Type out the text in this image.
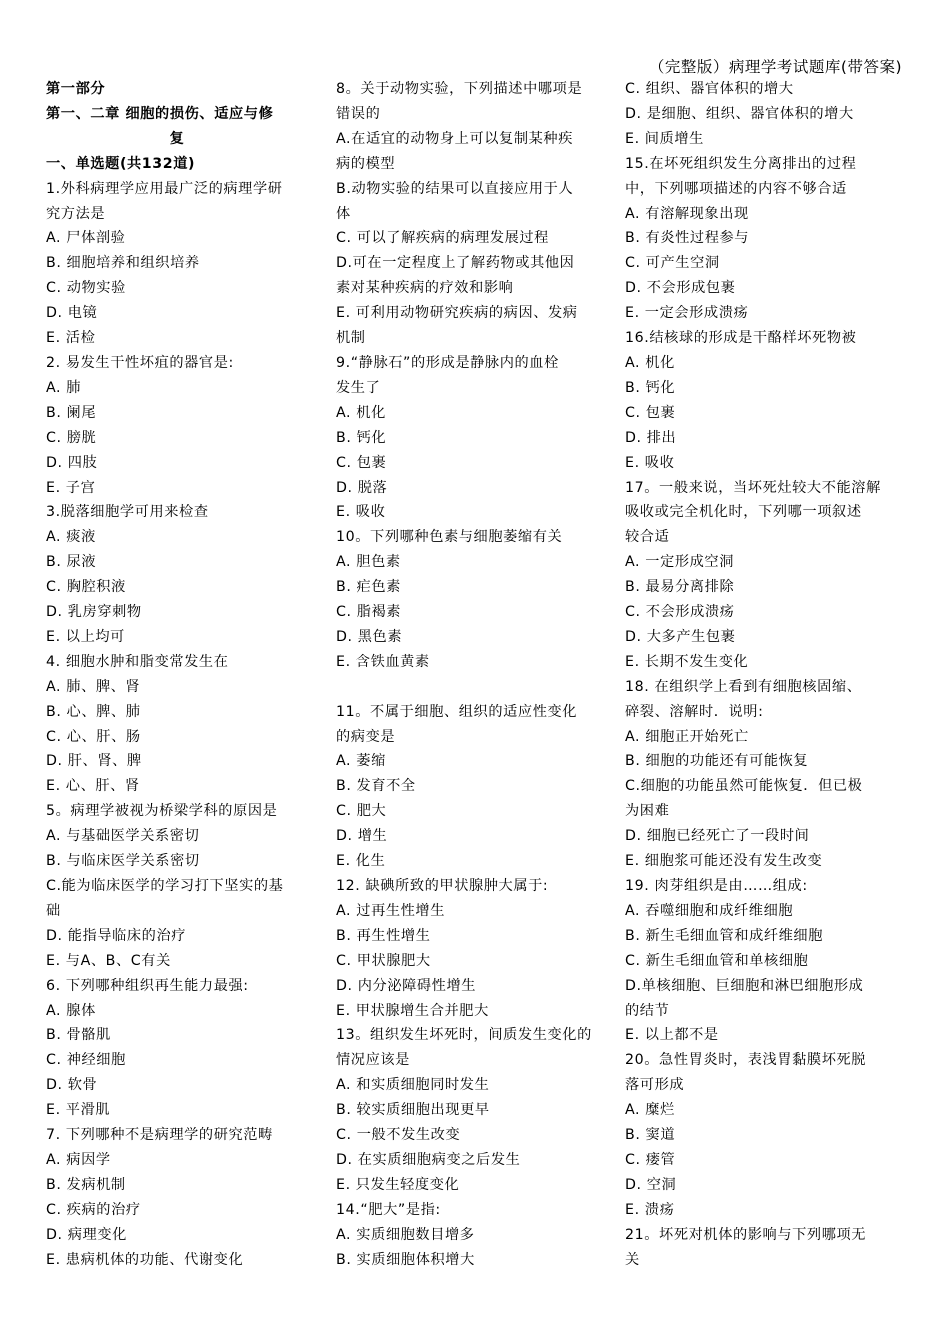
（完整版）病理学考试题库(带答案)
第一部分
第一、二章 细胞的损伤、适应与修
复
一、单选题(共132道)
1.外科病理学应用最广泛的病理学研
究方法是
A. 尸体剖验
B. 细胞培养和组织培养
C. 动物实验
D. 电镜
E. 活检
2. 易发生干性坏疽的器官是:
A. 肺
B. 阑尾
C. 膀胱
D. 四肢
E. 子宫
3.脱落细胞学可用来检查
A. 痰液
B. 尿液
C. 胸腔积液
D. 乳房穿刺物
E. 以上均可
4. 细胞水肿和脂变常发生在
A. 肺、脾、肾
B. 心、脾、肺
C. 心、肝、肠
D. 肝、肾、脾
E. 心、肝、肾
5。病理学被视为桥梁学科的原因是
A. 与基础医学关系密切
B. 与临床医学关系密切
C.能为临床医学的学习打下坚实的基
础
D. 能指导临床的治疗
E. 与A、B、C有关
6. 下列哪种组织再生能力最强:
A. 腺体
B. 骨骼肌
C. 神经细胞
D. 软骨
E. 平滑肌
7. 下列哪种不是病理学的研究范畴
A. 病因学
B. 发病机制
C. 疾病的治疗
D. 病理变化
E. 患病机体的功能、代谢变化
8。关于动物实验，下列描述中哪项是
错误的
A.在适宜的动物身上可以复制某种疾
病的模型
B.动物实验的结果可以直接应用于人
体
C. 可以了解疾病的病理发展过程
D.可在一定程度上了解药物或其他因
素对某种疾病的疗效和影响
E. 可利用动物研究疾病的病因、发病
机制
9.“静脉石”的形成是静脉内的血栓
发生了
A. 机化
B. 钙化
C. 包裹
D. 脱落
E. 吸收
10。下列哪种色素与细胞萎缩有关
A. 胆色素
B. 疟色素
C. 脂褐素
D. 黑色素
E. 含铁血黄素
11。不属于细胞、组织的适应性变化
的病变是
A. 萎缩
B. 发育不全
C. 肥大
D. 增生
E. 化生
12. 缺碘所致的甲状腺肿大属于:
A. 过再生性增生
B. 再生性增生
C. 甲状腺肥大
D. 内分泌障碍性增生
E. 甲状腺增生合并肥大
13。组织发生坏死时，间质发生变化的
情况应该是
A. 和实质细胞同时发生
B. 较实质细胞出现更早
C. 一般不发生改变
D. 在实质细胞病变之后发生
E. 只发生轻度变化
14.“肥大”是指:
A. 实质细胞数目增多
B. 实质细胞体积增大
C. 组织、器官体积的增大
D. 是细胞、组织、器官体积的增大
E. 间质增生
15.在坏死组织发生分离排出的过程
中，下列哪项描述的内容不够合适
A. 有溶解现象出现
B. 有炎性过程参与
C. 可产生空洞
D. 不会形成包裹
E. 一定会形成溃疡
16.结核球的形成是干酪样坏死物被
A. 机化
B. 钙化
C. 包裹
D. 排出
E. 吸收
17。一般来说，当坏死灶较大不能溶解
吸收或完全机化时，下列哪一项叙述
较合适
A. 一定形成空洞
B. 最易分离排除
C. 不会形成溃疡
D. 大多产生包裹
E. 长期不发生变化
18. 在组织学上看到有细胞核固缩、
碎裂、溶解时．说明:
A. 细胞正开始死亡
B. 细胞的功能还有可能恢复
C.细胞的功能虽然可能恢复．但已极
为困难
D. 细胞已经死亡了一段时间
E. 细胞浆可能还没有发生改变
19. 肉芽组织是由……组成:
A. 吞噬细胞和成纤维细胞
B. 新生毛细血管和成纤维细胞
C. 新生毛细血管和单核细胞
D.单核细胞、巨细胞和淋巴细胞形成
的结节
E. 以上都不是
20。急性胃炎时，表浅胃黏膜坏死脱
落可形成
A. 糜烂
B. 窦道
C. 瘘管
D. 空洞
E. 溃疡
21。坏死对机体的影响与下列哪项无
关
